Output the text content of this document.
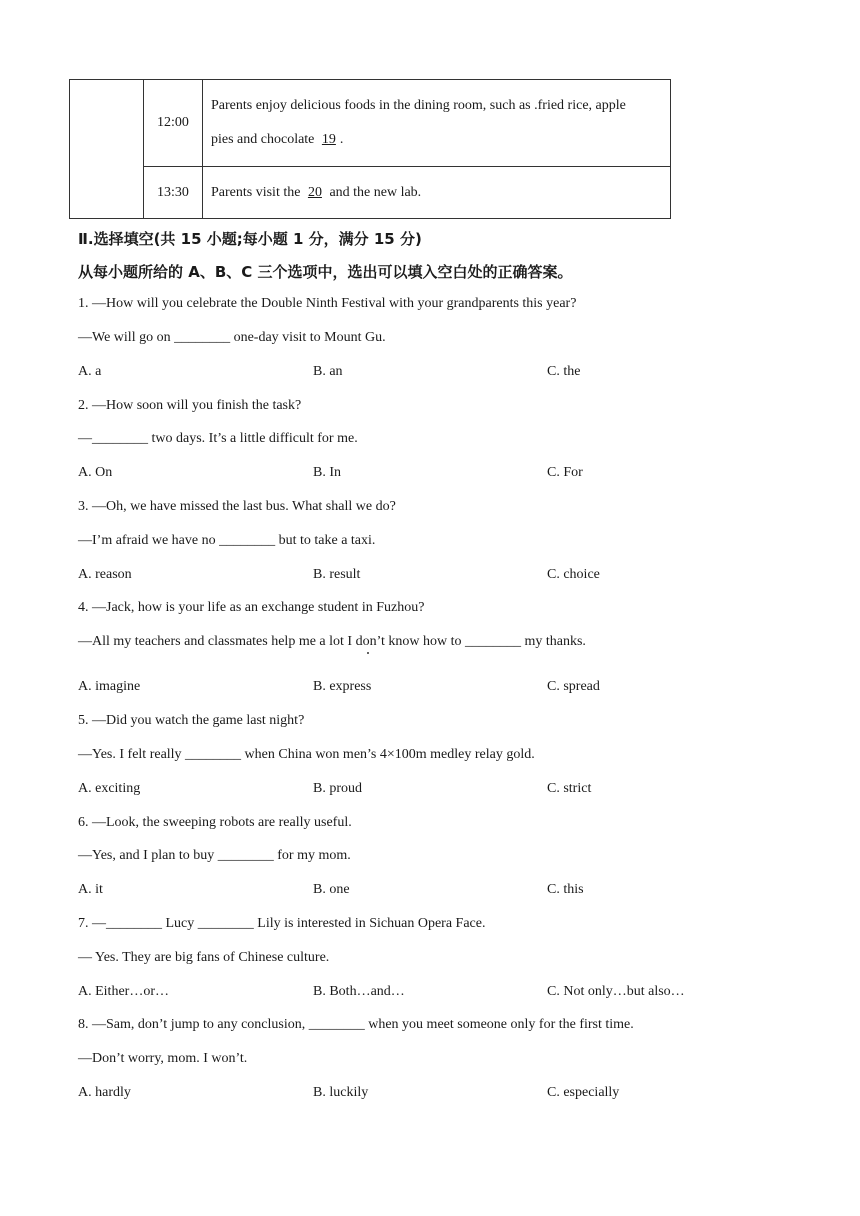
	12:00	Parents enjoy delicious foods in the dining room, such as .fried rice, apple
pies and chocolate 19 .

	13:30	Parents visit the 20 and the new lab.
Ⅱ.选择填空(共 15 小题;每小题 1 分，满分 15 分)
从每小题所给的 A、B、C 三个选项中，选出可以填入空白处的正确答案。
1. —How will you celebrate the Double Ninth Festival with your grandparents this year?
—We will go on ________ one-day visit to Mount Gu.
A. a	B. an	C. the
2. —How soon will you finish the task?
—________ two days. It’s a little difficult for me.
A. On	B. In	C. For
3. —Oh, we have missed the last bus. What shall we do?
—I’m afraid we have no ________ but to take a taxi.
A. reason	B. result	C. choice
4. —Jack, how is your life as an exchange student in Fuzhou?
—All my teachers and classmates help me a lot I don’t know how to ________ my thanks.
A. imagine	B. express	C. spread
5. —Did you watch the game last night?
—Yes. I felt really ________ when China won men’s 4×100m medley relay gold.
A. exciting	B. proud	C. strict
6. —Look, the sweeping robots are really useful.
—Yes, and I plan to buy ________ for my mom.
A. it	B. one	C. this
7. —________ Lucy ________ Lily is interested in Sichuan Opera Face.
— Yes. They are big fans of Chinese culture.
A. Either…or…	B. Both…and…	C. Not only…but also…
8. —Sam, don’t jump to any conclusion, ________ when you meet someone only for the first time.
—Don’t worry, mom. I won’t.
A. hardly	B. luckily	C. especially
